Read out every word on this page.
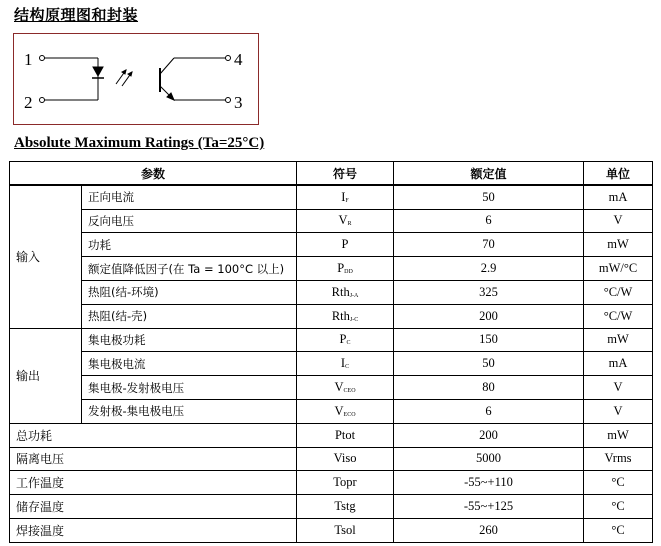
结构原理图和封装
1
2
4
3
Absolute Maximum Ratings (Ta=25°C)
参数		符号	额定值	单位
输入	正向电流	$I_F$	50	mA
	反向电压	$V_R$	6	V
	功耗	P	70	mW
	额定值降低因子(在 Ta = 100°C 以上)	$P_{DD}$	2.9	mW/°C
	热阻(结-环境)	Rth$_{J-A}$	325	°C/W
	热阻(结-壳)	Rth$_{J-C}$	200	°C/W
输出	集电极功耗	$P_C$	150	mW
	集电极电流	$I_C$	50	mA
	集电极-发射极电压	$V_{CEO}$	80	V
	发射极-集电极电压	$V_{ECO}$	6	V
总功耗		Ptot	200	mW
隔离电压		Viso	5000	Vrms
工作温度		Topr	-55~+110	°C
储存温度		Tstg	-55~+125	°C
焊接温度		Tsol	260	°C
